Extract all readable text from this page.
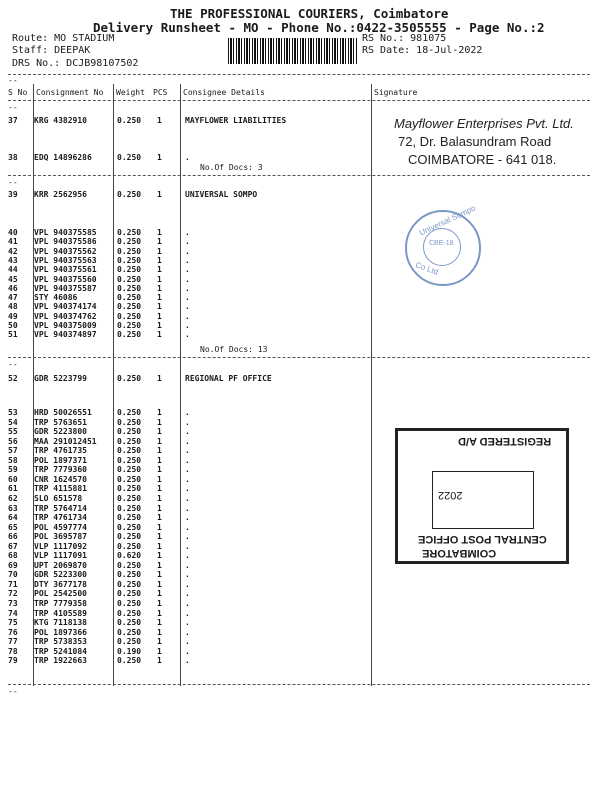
THE PROFESSIONAL COURIERS, Coimbatore
Delivery Runsheet - MO - Phone No.:0422-3505555 - Page No.:2
Route: MO STADIUM
Staff: DEEPAK
DRS No.: DCJB98107502
RS No.: 981075
RS Date: 18-Jul-2022
--
S No Consignment No Weight PCS Consignee Details	Signature
--
37 KRG 4382910	0.250 1	MAYFLOWER LIABILITIES
38 EDQ 14896286	0.250 1	.
No.Of Docs: 3
--
39 KRR 2562956	0.250 1	UNIVERSAL SOMPO
40 VPL 940375585	0.250 1	.
41 VPL 940375586	0.250 1	.
42 VPL 940375562	0.250 1	.
43 VPL 940375563	0.250 1	.
44 VPL 940375561	0.250 1	.
45 VPL 940375560	0.250 1	.
46 VPL 940375587	0.250 1	.
47 STY 46086	0.250 1	.
48 VPL 940374174	0.250 1	.
49 VPL 940374762	0.250 1	.
50 VPL 940375009	0.250 1	.
51 VPL 940374897	0.250 1	.
No.Of Docs: 13
--
52 GDR 5223799	0.250 1	REGIONAL PF OFFICE
53 HRD 50026551	0.250 1	.
54 TRP 5763651	0.250 1	.
55 GDR 5223800	0.250 1	.
56 MAA 291012451	0.250 1	.
57 TRP 4761735	0.250 1	.
58 POL 1897371	0.250 1	.
59 TRP 7779360	0.250 1	.
60 CNR 1624570	0.250 1	.
61 TRP 4115881	0.250 1	.
62 SLO 651578	0.250 1	.
63 TRP 5764714	0.250 1	.
64 TRP 4761734	0.250 1	.
65 POL 4597774	0.250 1	.
66 POL 3695787	0.250 1	.
67 VLP 1117092	0.250 1	.
68 VLP 1117091	0.620 1	.
69 UPT 2069870	0.250 1	.
70 GDR 5223300	0.250 1	.
71 DTY 3677178	0.250 1	.
72 POL 2542500	0.250 1	.
73 TRP 7779358	0.250 1	.
74 TRP 4105589	0.250 1	.
75 KTG 7118138	0.250 1	.
76 POL 1897366	0.250 1	.
77 TRP 5738353	0.250 1	.
78 TRP 5241084	0.190 1	.
79 TRP 1922663	0.250 1	.
--
Mayflower Enterprises Pvt. Ltd.
72, Dr. Balasundram Road
COIMBATORE - 641 018.
Universal Sompo
CBE-18
Co Ltd
REGISTERED A/D
2022
CENTRAL POST OFFICE
COIMBATORE
